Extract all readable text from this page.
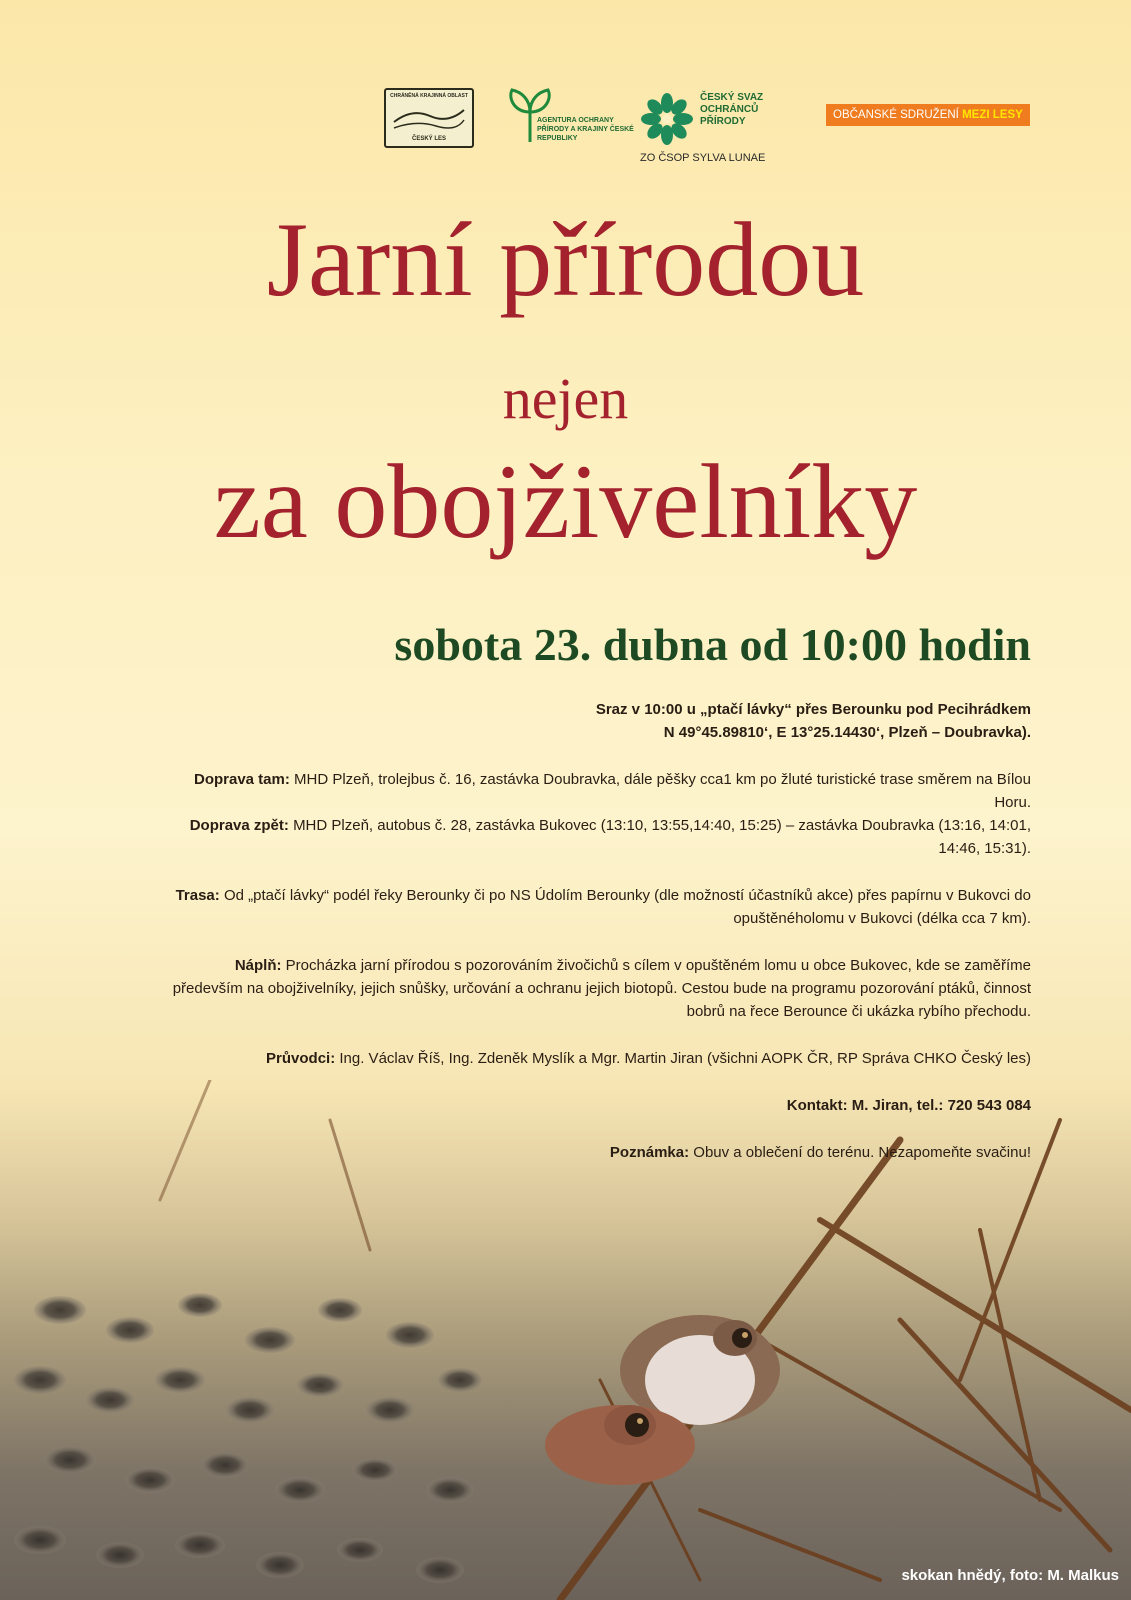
CHRÁNĚNÁ KRAJINNÁ OBLAST
ČESKÝ LES
AGENTURA OCHRANY PŘÍRODY A KRAJINY ČESKÉ REPUBLIKY
ČESKÝ SVAZ OCHRÁNCŮ PŘÍRODY
ZO ČSOP SYLVA LUNAE
OBČANSKÉ SDRUŽENÍ MEZI LESY
Jarní přírodou
nejen
za obojživelníky
sobota 23. dubna od 10:00 hodin

Sraz v 10:00 u „ptačí lávky“ přes Berounku pod Pecihrádkem
N 49°45.89810‘, E 13°25.14430‘, Plzeň – Doubravka).

Doprava tam: MHD Plzeň, trolejbus č. 16, zastávka Doubravka, dále pěšky cca1 km po žluté turistické trase směrem na Bílou Horu.
Doprava zpět: MHD Plzeň, autobus č. 28, zastávka Bukovec (13:10, 13:55,14:40, 15:25) – zastávka Doubravka (13:16, 14:01, 14:46, 15:31).

Trasa: Od „ptačí lávky“ podél řeky Berounky či po NS Údolím Berounky (dle možností účastníků akce) přes papírnu v Bukovci do opuštěnéholomu v Bukovci (délka cca 7 km).

Náplň: Procházka jarní přírodou s pozorováním živočichů s cílem v opuštěném lomu u obce Bukovec, kde se zaměříme především na obojživelníky, jejich snůšky, určování a ochranu jejich biotopů. Cestou bude na programu pozorování ptáků, činnost bobrů na řece Berounce či ukázka rybího přechodu.

Průvodci: Ing. Václav Říš, Ing. Zdeněk Myslík a Mgr. Martin Jiran (všichni AOPK ČR, RP Správa CHKO Český les)

Kontakt: M. Jiran, tel.: 720 543 084

Poznámka: Obuv a oblečení do terénu. Nezapomeňte svačinu!

skokan hnědý, foto: M. Malkus
